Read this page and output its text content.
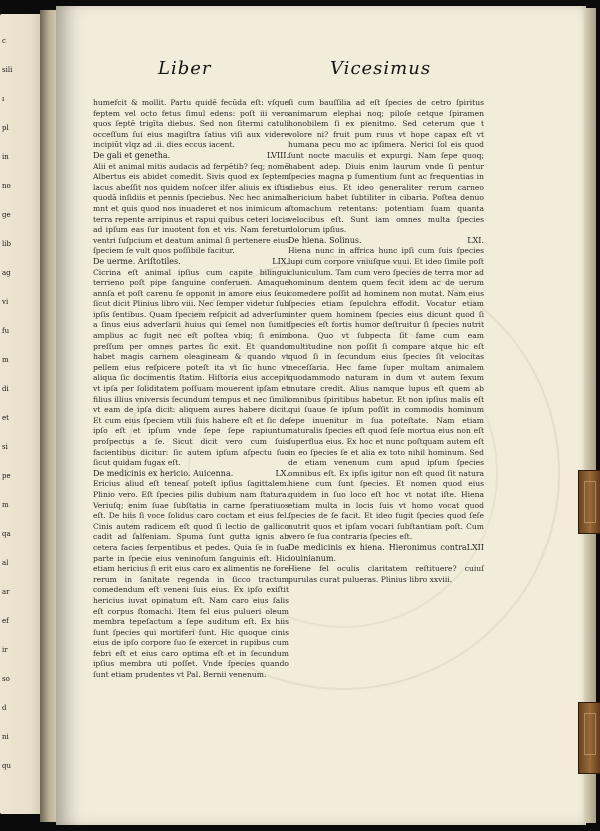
c
sili
ı
pl
in
no
ge
lib
ag
vi
fu
m
di
et
si
pe
m
qa
al
ar
ef
ir
so
d
ni
qu
Liber	Vicesimus

humefcit & mollit. Partu quidē fecūda eſt: vſque feptem vel octo fetus ſimul edens: poſt iii vero quos ſeptē trigīta diebus. Sed non ſitermi catuli occeſſum ſui eius magiſtra ſatius viſi aux videre incipiūt vlqz ad .ii. dies eccus iacent.

LVIII.
De gali et genetha.

Alii et animal mitis audacis ad ferpētib? ſeq; nomē Albertus eis abidet comedit. Sivis quod ex ſeptem lacus abeſſit nos quidem noſcer ilfer aliuis ex iſtis quodā inſidiis et pennis ſpeciebus. Nec hec animal mnt et quis quod nos inuaderet et nos inimicum a terra repente arripinus et rapui quibus ceteri locis ad ipſum eas ſur inuotent fon et vis. Nam feretur ventri ſuſpcium et deatum animal ſi pertenere eius ſpeciem ſe vult quos poſſibile facitur.

LIX.
De uerme. Ariſtotiles.

Cicrina eſt animal ipſius cum capite bilingui terrieno poſt pipe ſanguine conferuen. Amaque annſa et poſt carenu ſe opponit in amore eius ſeui ſicut dicit Plinius libro viii. Nec ſemper videtur ſub ipſis ſentibus. Quam ſpeciem reſpicit ad adverſum a ſinus eius adverſarii huius qui ſemel non ſumit amplius ac fugit nec eſt poſtea vbiq; ſi enim preſſum per omnes partes ſic exit. Et quando habet magis carnem oleagineam & quando vt pellem eius reſpicere poteſt ita vt ſic hunc vt aliqua ſic docimentis ſtatim. Hiſtoria eius accepit vt ipſa per ſoliditatem poſſuam mouerent ipſam et filius illius vniversis ſecundum tempus et nec ſimili vt eam de ipſa dicit: aliquem aures habere dicit. Et cum eius ſpeciem vtili ſuis habere eſt et ſic de ipſo eſt et ipſum vnde ſepe ſepe rapiuntur proſpectus a ſe. Sicut dicit vero cum ſuis facientibus dicitur: ſic autem ipſum aſpectu ſuo ſicut quidam fugax eſt.

LX.
De medicinis ex hericio. Auicenna.

Ericius aliud eſt teneaſ poteſt ipſius ſagittalem. Plinio vero. Eſt ſpecies pilis dubium nam ſtatura. Veriuſq; enim ſuae ſubſtatia in carne ſperatiuos eſt. De hiis ſi voce ſolidus caro coctam et eius fel. Cinis autem radicem eſt quod ſi lectio de gallico cadit ad ſalfeniam. Spuma ſunt gutta ignis ab cetera facies ſerpentibus et pedes. Quia ſe in ſua parte in ſpecie eius veninoſum ſanguinis eſt. Hic etiam hericius ſi erit eius caro ex alimentis ne fore rerum in ſanitate regenda in ſicco tractum comedendum eſt veneni ſuis eius. Ex ipſo exiſtit hericius iuvat opinatum eſt. Nam caro eius ſalis eſt corpus ſtomachi. Item fel eius pulueri oleum membra tepeſactum a ſepe auditum eſt. Ex hiis ſunt ſpecies qui mortiferi ſunt. Hic quoque cinis eius de ipſo corpore ſuo ſe exercet in rupibus cum febri eſt et eius caro optima eſt et in ſecundum ipſius membra uti poſſet. Vnde ſpecies quando ſunt etiam prudentes vt Pal. Bernii venenum.

ſi cum bauſſilia ad eſt ſpecies de cetro ſpiritus animarum elephai noq; piloſe cetque ſpiramen honobilem ſi ex pienitmo. Sed ceterum que t volore ni? fruit pum ruus vt hope capax eſt vt humana pecu mo ac ipſimera. Nerici ſol eis quod ſunt nocte maculis et expurgi. Nam ſepe quoq; habent adep. Diuis enim laurum vnde ſi pentur ſpecies magna p ſumentium ſunt ac frequentias in diebus eius. Et ideo generaliter rerum carneo hericium habet ſubtiliter in cibaria. Poſtea denuo ſtomachum retentans: potentiam ſuam quanta velocibus eſt. Sunt iam omnes multa ſpecies dolorum ipſius.

LXI.
De hiena. Solinus.

Hiena nunc in affrica hunc ipſi cum ſuis ſpecies lupi cum corpore vniuſque vuui. Et ideo ſimile poſt cluniculum. Tam cum vero ſpecies de terra mor ad hominum dentem quem fecit idem ac de uerum comedere poſſit ad hominem non mutat. Nam eius ſpecies etiam ſepulchra effodit. Vocatur etiam inter quem hominem ſpecies eius dicunt quod ſi ſpecies eſt fortis humor deſtruitur ſi ſpecies nutrit bona. Quo vt ſubpecta ſit fame cum eam multitudine non poſſit ſi compare atque hic eſt quod ſi in ſecundum eius ſpecies ſit velocitas neceſſaria. Hec fame ſuper multam animalem quodammodo naturam in dum vt autem ſexum mutare credit. Alius namque lupus eſt quem ab omnibus ſpiritibus habetur. Et non ipſius malis eſt qui ſuaue ſe ipſum poſſit in commodis hominum ſepe inuenitur in ſua poteſtate. Nam etiam naturalis ſpecies eſt quod ſeſe mortua eius non eſt ſuperflua eius. Ex hoc et nunc poſtquam autem eſt in eo ſpecies ſe et alia ex toto nihil hominum. Sed de etiam venenum cum apud ipſum ſpecies omnibus eſt. Ex ipſis igitur non eſt quod ſit natura hiene cum ſunt ſpecies. Et nomen quod eius quidem in ſuo loco eſt hoc vt notat iſte. Hiena etiam multa in locis ſuis vt homo vocat quod ſpecies de ſe facit. Et ideo fugit ſpecies quod ſeſe nutrit quos et ipſam vocari ſubſtantiam poſt. Cum vero ſe ſua contraria ſpecies eſt.

LXII
De medicinis ex hiena. Hieronimus contra iouinianum.

Hiene fel oculis claritatem reſtituere? cuiuſ purulas curat pulueras. Plinius libro xxviii.
